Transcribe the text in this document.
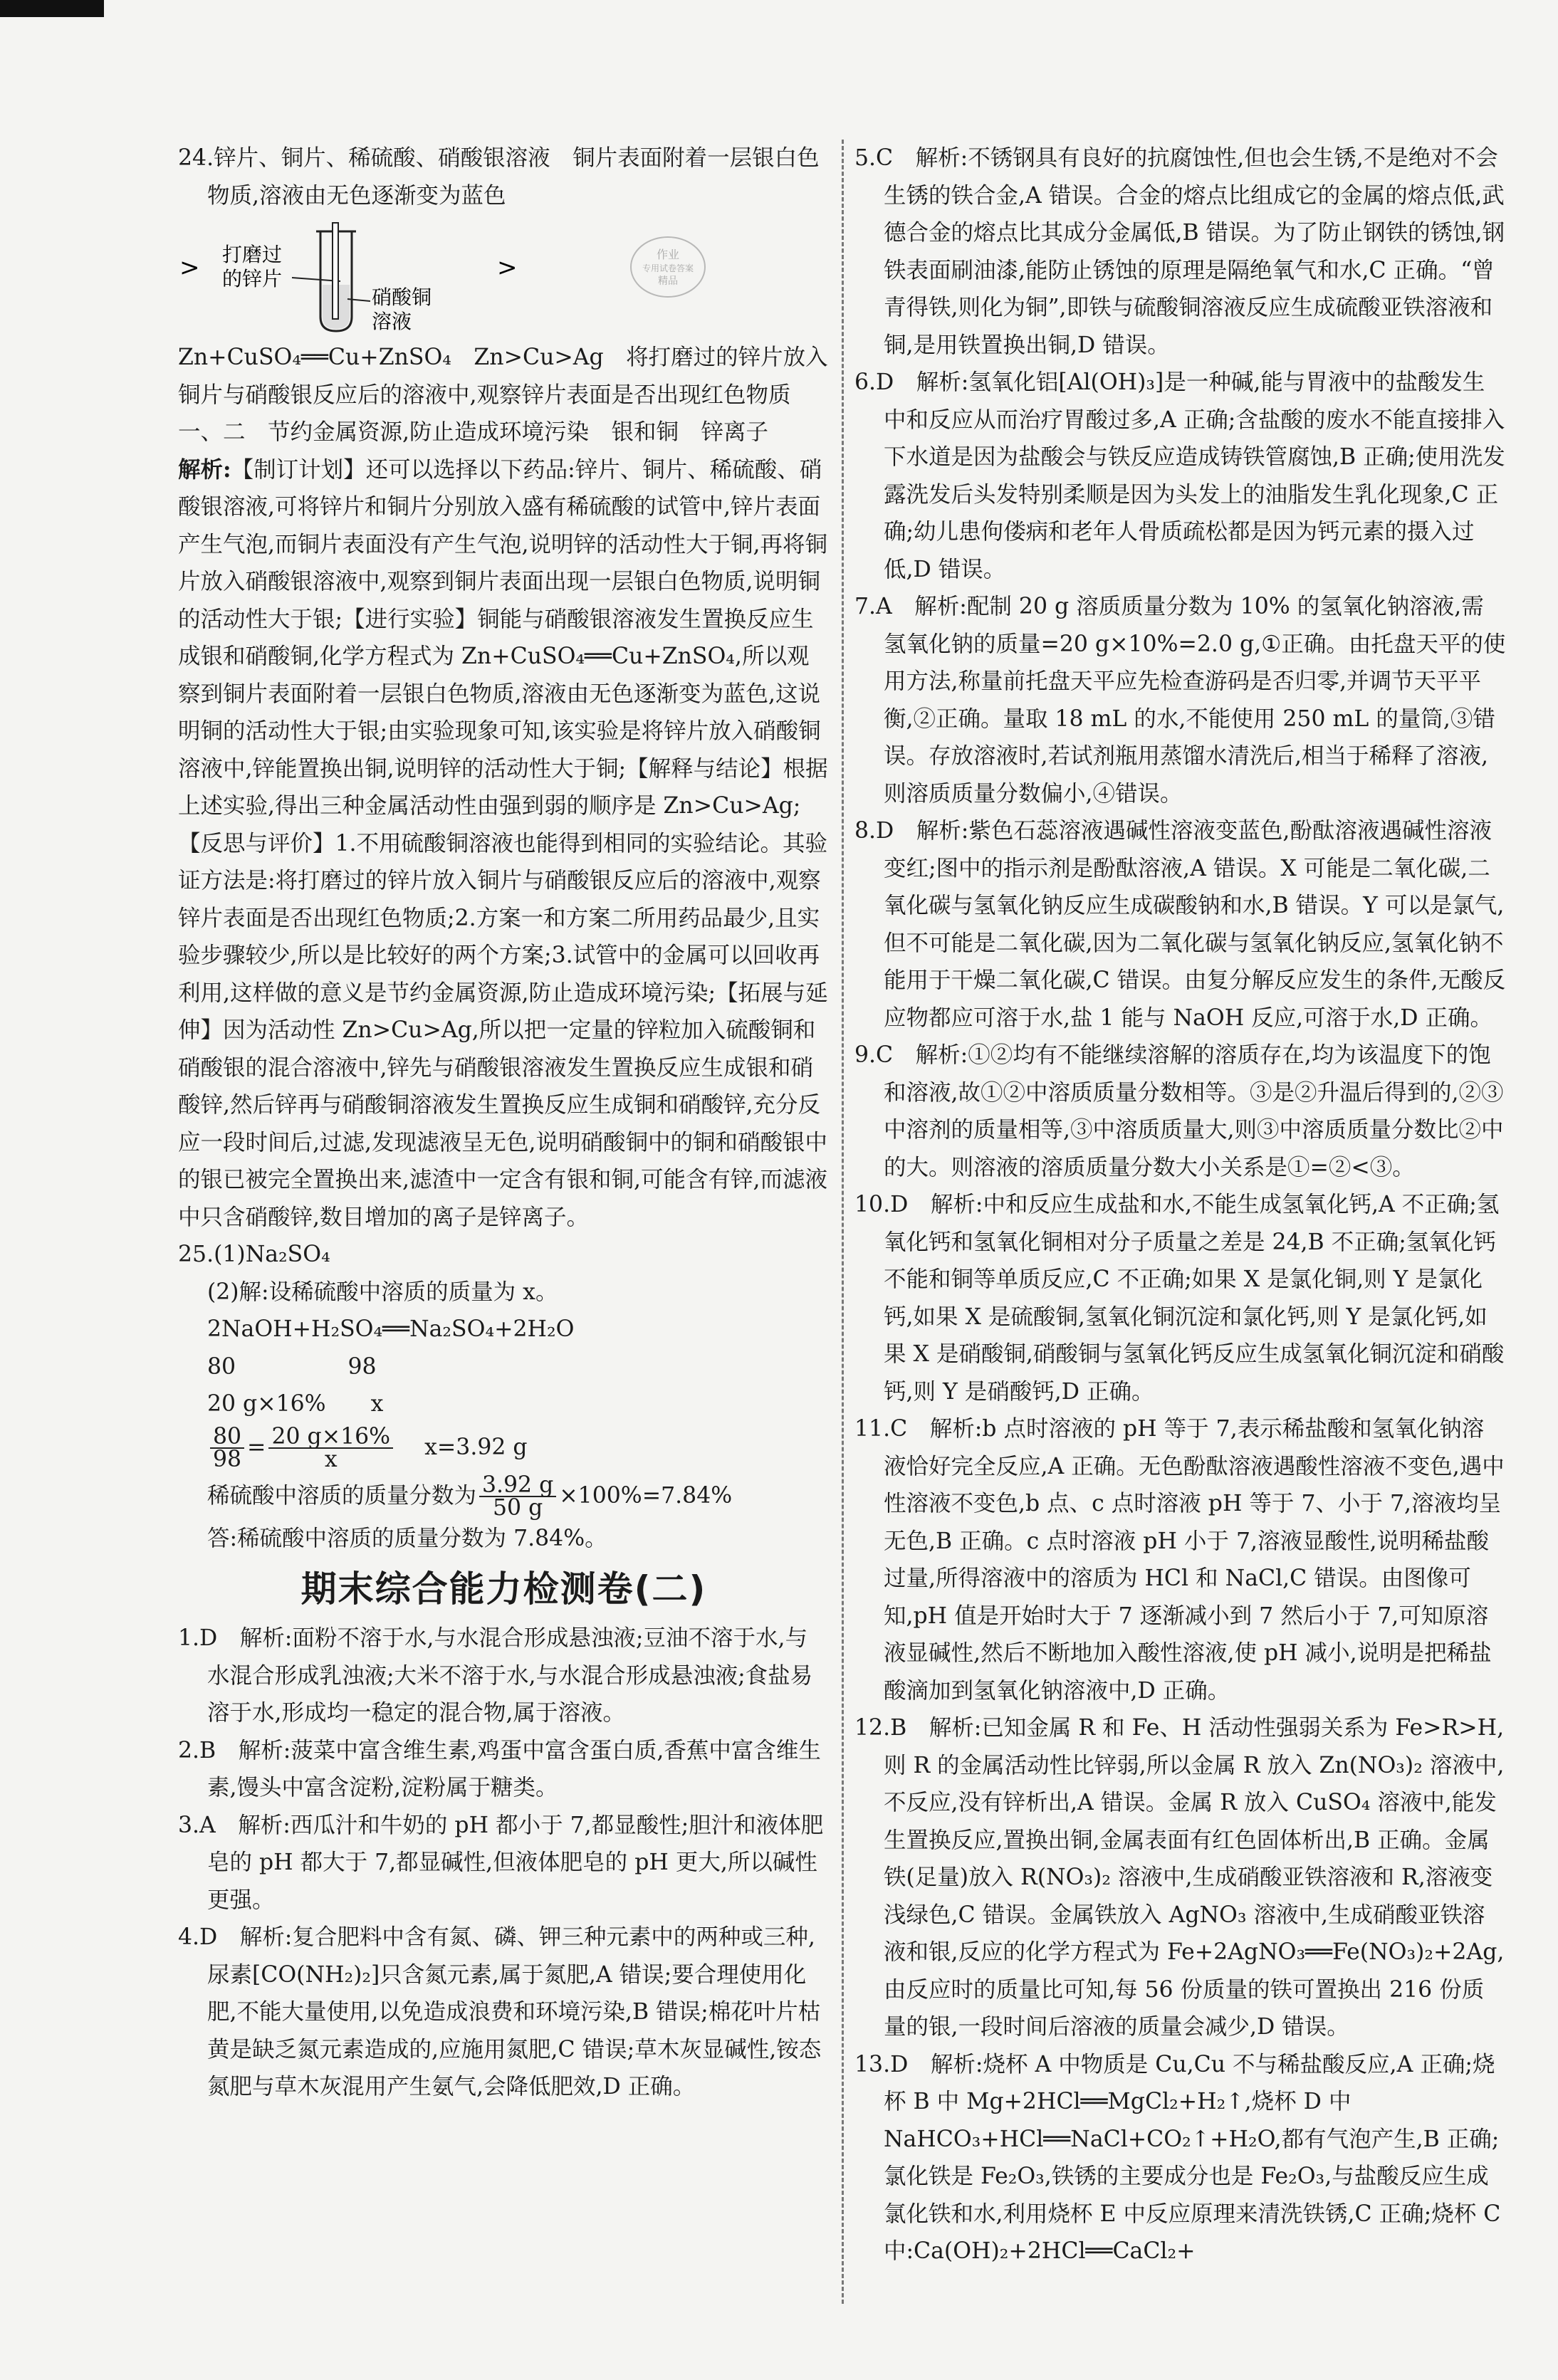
24.锌片、铜片、稀硫酸、硝酸银溶液　铜片表面附着一层银白色物质,溶液由无色逐渐变为蓝色

> 打磨过
的锌片
硝酸铜
溶液
>	作业
专用试卷答案
精品

Zn+CuSO₄══Cu+ZnSO₄　Zn>Cu>Ag　将打磨过的锌片放入铜片与硝酸银反应后的溶液中,观察锌片表面是否出现红色物质　一、二　节约金属资源,防止造成环境污染　银和铜　锌离子

解析:【制订计划】还可以选择以下药品:锌片、铜片、稀硫酸、硝酸银溶液,可将锌片和铜片分别放入盛有稀硫酸的试管中,锌片表面产生气泡,而铜片表面没有产生气泡,说明锌的活动性大于铜,再将铜片放入硝酸银溶液中,观察到铜片表面出现一层银白色物质,说明铜的活动性大于银;【进行实验】铜能与硝酸银溶液发生置换反应生成银和硝酸铜,化学方程式为 Zn+CuSO₄══Cu+ZnSO₄,所以观察到铜片表面附着一层银白色物质,溶液由无色逐渐变为蓝色,这说明铜的活动性大于银;由实验现象可知,该实验是将锌片放入硝酸铜溶液中,锌能置换出铜,说明锌的活动性大于铜;【解释与结论】根据上述实验,得出三种金属活动性由强到弱的顺序是 Zn>Cu>Ag;【反思与评价】1.不用硫酸铜溶液也能得到相同的实验结论。其验证方法是:将打磨过的锌片放入铜片与硝酸银反应后的溶液中,观察锌片表面是否出现红色物质;2.方案一和方案二所用药品最少,且实验步骤较少,所以是比较好的两个方案;3.试管中的金属可以回收再利用,这样做的意义是节约金属资源,防止造成环境污染;【拓展与延伸】因为活动性 Zn>Cu>Ag,所以把一定量的锌粒加入硫酸铜和硝酸银的混合溶液中,锌先与硝酸银溶液发生置换反应生成银和硝酸锌,然后锌再与硝酸铜溶液发生置换反应生成铜和硝酸锌,充分反应一段时间后,过滤,发现滤液呈无色,说明硝酸铜中的铜和硝酸银中的银已被完全置换出来,滤渣中一定含有银和铜,可能含有锌,而滤液中只含硝酸锌,数目增加的离子是锌离子。

25.(1)Na₂SO₄

(2)解:设稀硫酸中溶质的质量为 x。

2NaOH+H₂SO₄══Na₂SO₄+2H₂O

80　　　　　98

20 g×16%　　x

$\frac{80}{98} = \frac{20 g\times 16\%}{x} x=3.92$ g

稀硫酸中溶质的质量分数为 $\frac{3.92 g}{50 g} \times 100\%=7.84\%$

答:稀硫酸中溶质的质量分数为 7.84%。

期末综合能力检测卷(二)

1.D　解析:面粉不溶于水,与水混合形成悬浊液;豆油不溶于水,与水混合形成乳浊液;大米不溶于水,与水混合形成悬浊液;食盐易溶于水,形成均一稳定的混合物,属于溶液。

2.B　解析:菠菜中富含维生素,鸡蛋中富含蛋白质,香蕉中富含维生素,馒头中富含淀粉,淀粉属于糖类。

3.A　解析:西瓜汁和牛奶的 pH 都小于 7,都显酸性;胆汁和液体肥皂的 pH 都大于 7,都显碱性,但液体肥皂的 pH 更大,所以碱性更强。

4.D　解析:复合肥料中含有氮、磷、钾三种元素中的两种或三种,尿素[CO(NH₂)₂]只含氮元素,属于氮肥,A 错误;要合理使用化肥,不能大量使用,以免造成浪费和环境污染,B 错误;棉花叶片枯黄是缺乏氮元素造成的,应施用氮肥,C 错误;草木灰显碱性,铵态氮肥与草木灰混用产生氨气,会降低肥效,D 正确。

5.C　解析:不锈钢具有良好的抗腐蚀性,但也会生锈,不是绝对不会生锈的铁合金,A 错误。合金的熔点比组成它的金属的熔点低,武德合金的熔点比其成分金属低,B 错误。为了防止钢铁的锈蚀,钢铁表面刷油漆,能防止锈蚀的原理是隔绝氧气和水,C 正确。“曾青得铁,则化为铜”,即铁与硫酸铜溶液反应生成硫酸亚铁溶液和铜,是用铁置换出铜,D 错误。

6.D　解析:氢氧化铝[Al(OH)₃]是一种碱,能与胃液中的盐酸发生中和反应从而治疗胃酸过多,A 正确;含盐酸的废水不能直接排入下水道是因为盐酸会与铁反应造成铸铁管腐蚀,B 正确;使用洗发露洗发后头发特别柔顺是因为头发上的油脂发生乳化现象,C 正确;幼儿患佝偻病和老年人骨质疏松都是因为钙元素的摄入过低,D 错误。

7.A　解析:配制 20 g 溶质质量分数为 10% 的氢氧化钠溶液,需氢氧化钠的质量=20 g×10%=2.0 g,①正确。由托盘天平的使用方法,称量前托盘天平应先检查游码是否归零,并调节天平平衡,②正确。量取 18 mL 的水,不能使用 250 mL 的量筒,③错误。存放溶液时,若试剂瓶用蒸馏水清洗后,相当于稀释了溶液,则溶质质量分数偏小,④错误。

8.D　解析:紫色石蕊溶液遇碱性溶液变蓝色,酚酞溶液遇碱性溶液变红;图中的指示剂是酚酞溶液,A 错误。X 可能是二氧化碳,二氧化碳与氢氧化钠反应生成碳酸钠和水,B 错误。Y 可以是氯气,但不可能是二氧化碳,因为二氧化碳与氢氧化钠反应,氢氧化钠不能用于干燥二氧化碳,C 错误。由复分解反应发生的条件,无酸反应物都应可溶于水,盐 1 能与 NaOH 反应,可溶于水,D 正确。

9.C　解析:①②均有不能继续溶解的溶质存在,均为该温度下的饱和溶液,故①②中溶质质量分数相等。③是②升温后得到的,②③中溶剂的质量相等,③中溶质质量大,则③中溶质质量分数比②中的大。则溶液的溶质质量分数大小关系是①=②<③。

10.D　解析:中和反应生成盐和水,不能生成氢氧化钙,A 不正确;氢氧化钙和氢氧化铜相对分子质量之差是 24,B 不正确;氢氧化钙不能和铜等单质反应,C 不正确;如果 X 是氯化铜,则 Y 是氯化钙,如果 X 是硫酸铜,氢氧化铜沉淀和氯化钙,则 Y 是氯化钙,如果 X 是硝酸铜,硝酸铜与氢氧化钙反应生成氢氧化铜沉淀和硝酸钙,则 Y 是硝酸钙,D 正确。

11.C　解析:b 点时溶液的 pH 等于 7,表示稀盐酸和氢氧化钠溶液恰好完全反应,A 正确。无色酚酞溶液遇酸性溶液不变色,遇中性溶液不变色,b 点、c 点时溶液 pH 等于 7、小于 7,溶液均呈无色,B 正确。c 点时溶液 pH 小于 7,溶液显酸性,说明稀盐酸过量,所得溶液中的溶质为 HCl 和 NaCl,C 错误。由图像可知,pH 值是开始时大于 7 逐渐减小到 7 然后小于 7,可知原溶液显碱性,然后不断地加入酸性溶液,使 pH 减小,说明是把稀盐酸滴加到氢氧化钠溶液中,D 正确。

12.B　解析:已知金属 R 和 Fe、H 活动性强弱关系为 Fe>R>H,则 R 的金属活动性比锌弱,所以金属 R 放入 Zn(NO₃)₂ 溶液中,不反应,没有锌析出,A 错误。金属 R 放入 CuSO₄ 溶液中,能发生置换反应,置换出铜,金属表面有红色固体析出,B 正确。金属铁(足量)放入 R(NO₃)₂ 溶液中,生成硝酸亚铁溶液和 R,溶液变浅绿色,C 错误。金属铁放入 AgNO₃ 溶液中,生成硝酸亚铁溶液和银,反应的化学方程式为 Fe+2AgNO₃══Fe(NO₃)₂+2Ag,由反应时的质量比可知,每 56 份质量的铁可置换出 216 份质量的银,一段时间后溶液的质量会减少,D 错误。

13.D　解析:烧杯 A 中物质是 Cu,Cu 不与稀盐酸反应,A 正确;烧杯 B 中 Mg+2HCl══MgCl₂+H₂↑,烧杯 D 中 NaHCO₃+HCl══NaCl+CO₂↑+H₂O,都有气泡产生,B 正确;氯化铁是 Fe₂O₃,铁锈的主要成分也是 Fe₂O₃,与盐酸反应生成氯化铁和水,利用烧杯 E 中反应原理来清洗铁锈,C 正确;烧杯 C 中:Ca(OH)₂+2HCl══CaCl₂+
